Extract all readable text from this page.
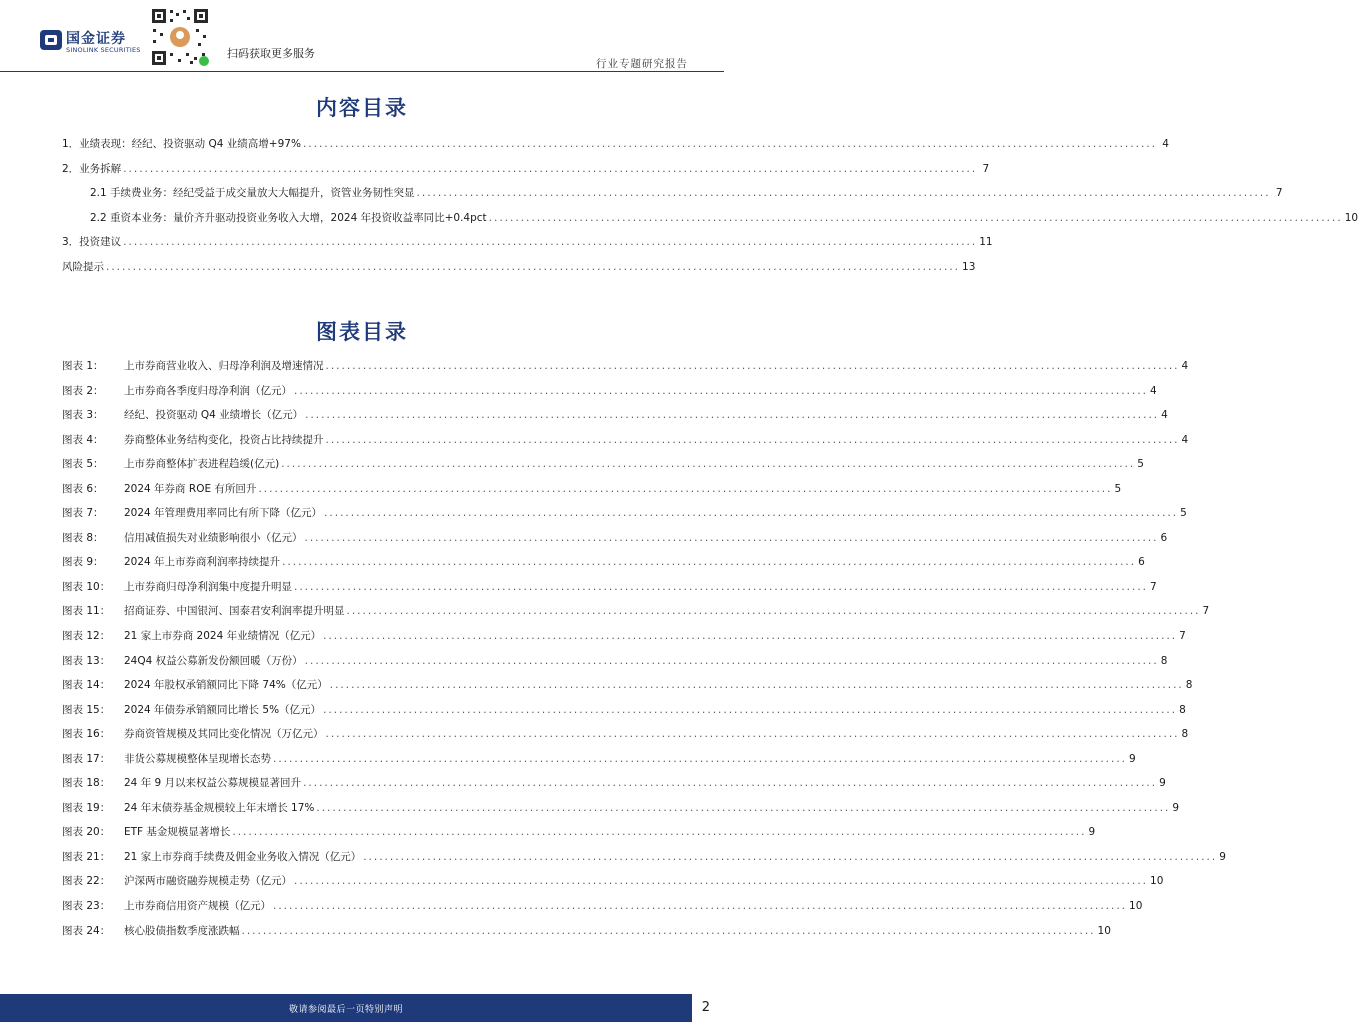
国金证券
SINOLINK SECURITIES	扫码获取更多服务
行业专题研究报告
内容目录
1．业绩表现：经纪、投资驱动 Q4 业绩高增+97% ................................................................................................................................................................ 4
2．业务拆解 ................................................................................................................................................................ 7
2.1 手续费业务：经纪受益于成交量放大大幅提升，资管业务韧性突显 ................................................................................................................................................................ 7
2.2 重资本业务：量价齐升驱动投资业务收入大增，2024 年投资收益率同比+0.4pct ................................................................................................................................................................ 10
3．投资建议 ................................................................................................................................................................ 11
风险提示 ................................................................................................................................................................ 13
图表目录
图表 1：	上市券商营业收入、归母净利润及增速情况 ................................................................................................................................................................ 4
图表 2：	上市券商各季度归母净利润（亿元） ................................................................................................................................................................ 4
图表 3：	经纪、投资驱动 Q4 业绩增长（亿元） ................................................................................................................................................................ 4
图表 4：	券商整体业务结构变化，投资占比持续提升 ................................................................................................................................................................ 4
图表 5：	上市券商整体扩表进程趋缓(亿元) ................................................................................................................................................................ 5
图表 6：	2024 年券商 ROE 有所回升 ................................................................................................................................................................ 5
图表 7：	2024 年管理费用率同比有所下降（亿元） ................................................................................................................................................................ 5
图表 8：	信用减值损失对业绩影响很小（亿元） ................................................................................................................................................................ 6
图表 9：	2024 年上市券商利润率持续提升 ................................................................................................................................................................ 6
图表 10：	上市券商归母净利润集中度提升明显 ................................................................................................................................................................ 7
图表 11：	招商证券、中国银河、国泰君安利润率提升明显 ................................................................................................................................................................ 7
图表 12：	21 家上市券商 2024 年业绩情况（亿元） ................................................................................................................................................................ 7
图表 13：	24Q4 权益公募新发份额回暖（万份） ................................................................................................................................................................ 8
图表 14：	2024 年股权承销额同比下降 74%（亿元） ................................................................................................................................................................ 8
图表 15：	2024 年债券承销额同比增长 5%（亿元） ................................................................................................................................................................ 8
图表 16：	券商资管规模及其同比变化情况（万亿元） ................................................................................................................................................................ 8
图表 17：	非货公募规模整体呈现增长态势 ................................................................................................................................................................ 9
图表 18：	24 年 9 月以来权益公募规模显著回升 ................................................................................................................................................................ 9
图表 19：	24 年末债券基金规模较上年末增长 17% ................................................................................................................................................................ 9
图表 20：	ETF 基金规模显著增长 ................................................................................................................................................................ 9
图表 21：	21 家上市券商手续费及佣金业务收入情况（亿元） ................................................................................................................................................................ 9
图表 22：	沪深两市融资融券规模走势（亿元） ................................................................................................................................................................ 10
图表 23：	上市券商信用资产规模（亿元） ................................................................................................................................................................ 10
图表 24：	核心股债指数季度涨跌幅 ................................................................................................................................................................ 10
敬请参阅最后一页特别声明	2
